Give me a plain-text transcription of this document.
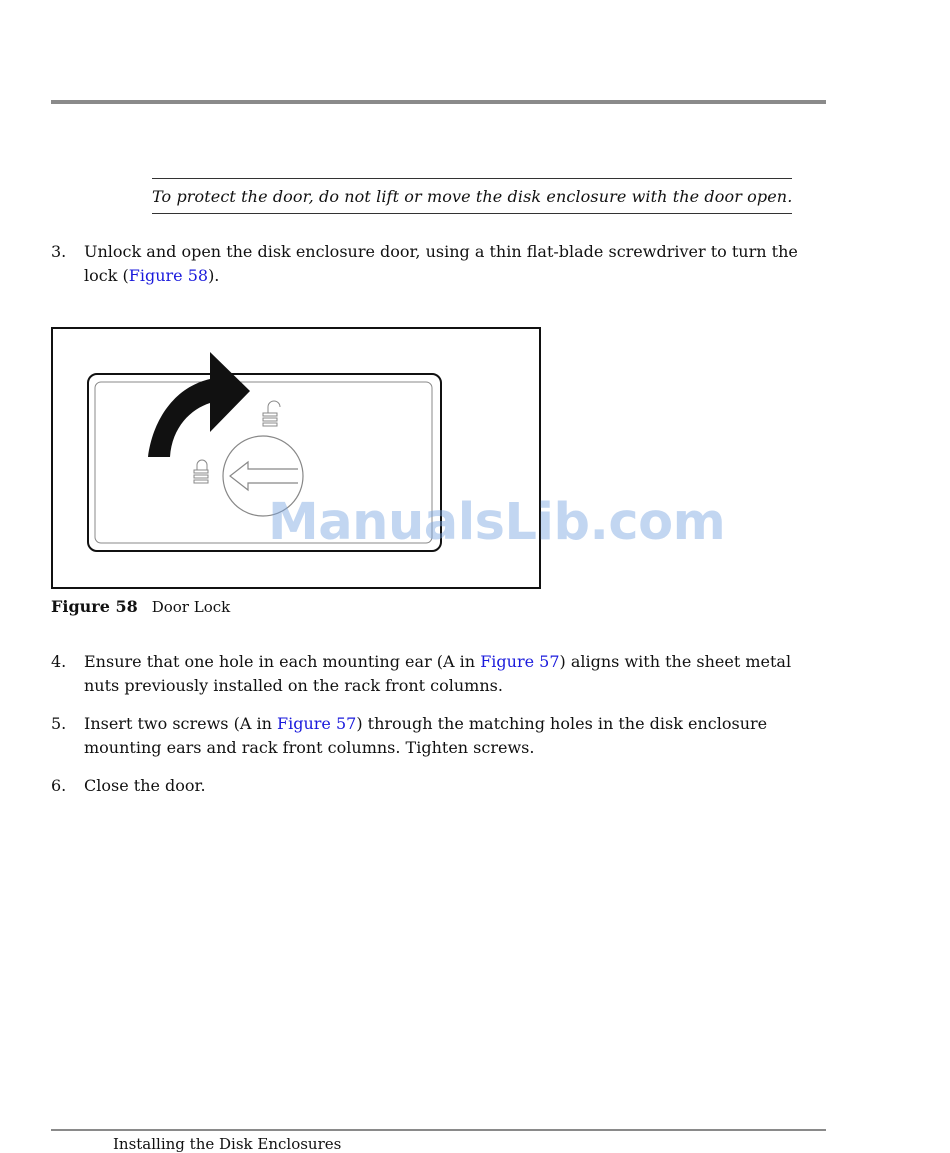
To protect the door, do not lift or move the disk enclosure with the door open.
3. Unlock and open the disk enclosure door, using a thin flat-blade screwdriver to turn the
lock (Figure 58).
Figure 58 Door Lock
ManualsLib.com
4. Ensure that one hole in each mounting ear (A in Figure 57) aligns with the sheet metal
nuts previously installed on the rack front columns.
5. Insert two screws (A in Figure 57) through the matching holes in the disk enclosure
mounting ears and rack front columns. Tighten screws.
6. Close the door.
Installing the Disk Enclosures
